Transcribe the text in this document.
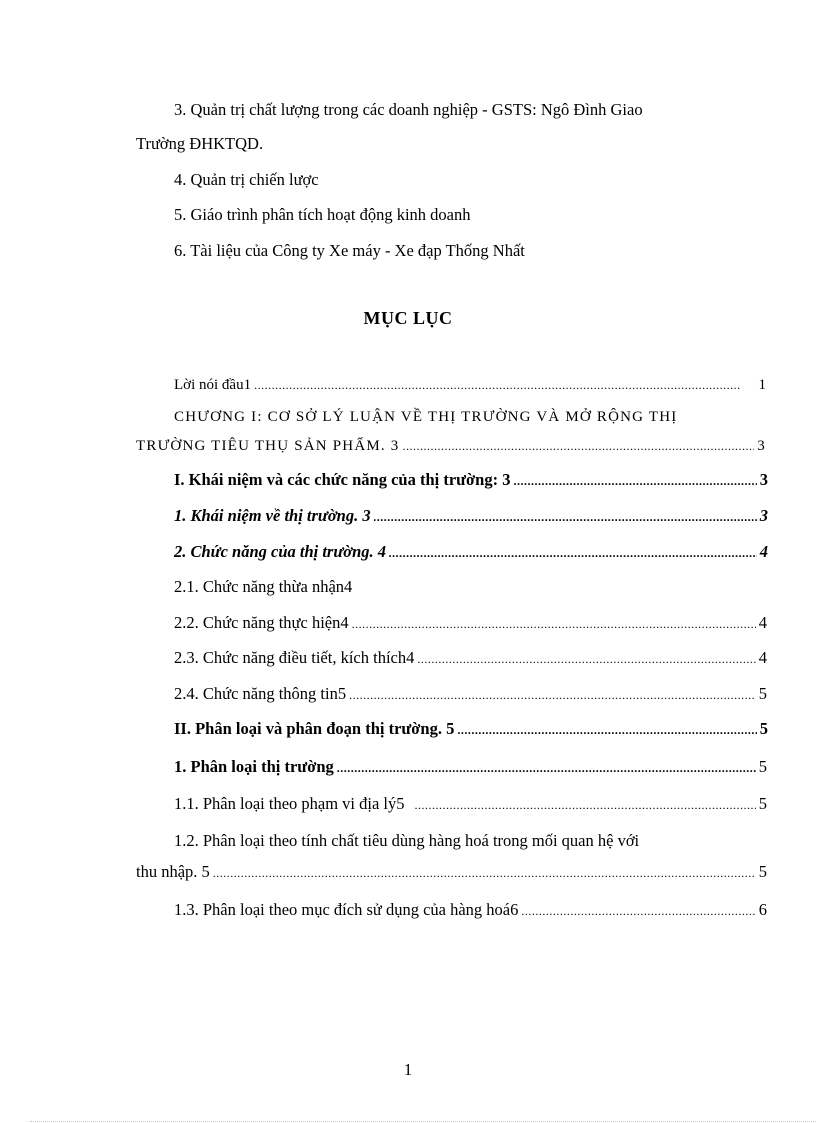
3. Quản trị chất lượng trong các doanh nghiệp - GSTS: Ngô Đình Giao
Trường ĐHKTQD.
4. Quản trị chiến lược
5. Giáo trình phân tích hoạt động kinh doanh
6. Tài liệu của Công ty Xe máy - Xe đạp Thống Nhất
MỤC LỤC
Lời nói đầu1 .....	1
CHƯƠNG I: CƠ SỞ LÝ LUẬN VỀ THỊ TRƯỜNG VÀ MỞ RỘNG THỊ
TRƯỜNG TIÊU THỤ SẢN PHẨM. 3 .....	3
I. Khái niệm và các chức năng của thị trường: 3 .....	3
1. Khái niệm về thị trường. 3 .....	3
2. Chức năng của thị trường. 4 .....	4
2.1. Chức năng thừa nhận4
2.2. Chức năng thực hiện4 .....	4
2.3. Chức năng điều tiết, kích thích4 .....	4
2.4. Chức năng thông tin5 .....	5
II. Phân loại và phân đoạn thị trường. 5 .....	5
1. Phân loại thị trường .....	5
1.1. Phân loại theo phạm vi địa lý5 .....	5
1.2. Phân loại theo tính chất tiêu dùng hàng hoá trong mối quan hệ với
thu nhập. 5 .....	5
1.3. Phân loại theo mục đích sử dụng của hàng hoá6 .....	6
1
